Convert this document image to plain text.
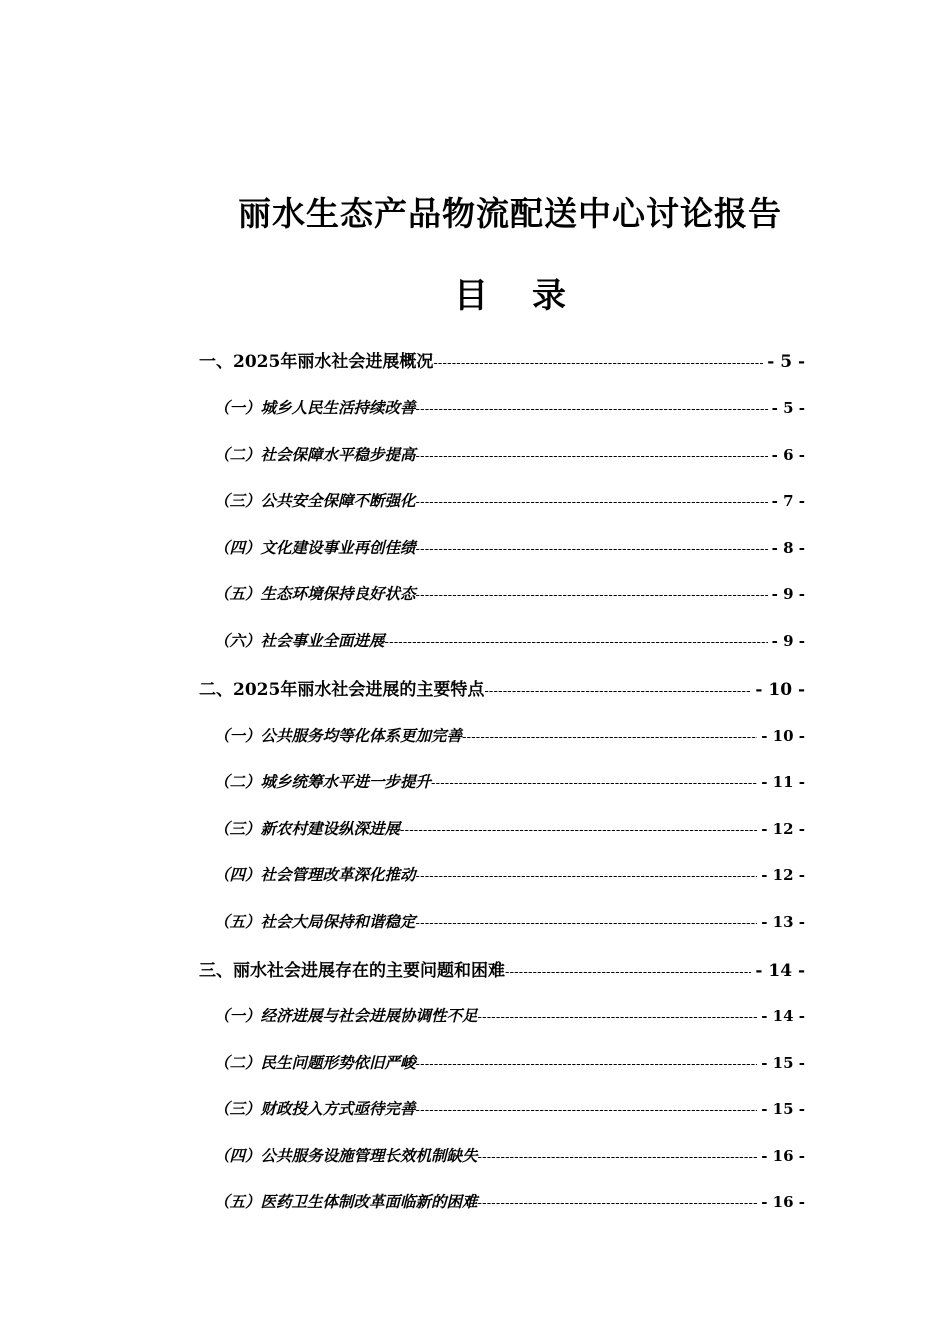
丽水生态产品物流配送中心讨论报告
目 录
一、2025年丽水社会进展概况 -----	- 5 -
（一）城乡人民生活持续改善 -----	- 5 -
（二）社会保障水平稳步提高 -----	- 6 -
（三）公共安全保障不断强化 -----	- 7 -
（四）文化建设事业再创佳绩 -----	- 8 -
（五）生态环境保持良好状态 -----	- 9 -
（六）社会事业全面进展 -----	- 9 -
二、2025年丽水社会进展的主要特点 -----	- 10 -
（一）公共服务均等化体系更加完善 -----	- 10 -
（二）城乡统筹水平进一步提升 -----	- 11 -
（三）新农村建设纵深进展 -----	- 12 -
（四）社会管理改革深化推动 -----	- 12 -
（五）社会大局保持和谐稳定 -----	- 13 -
三、丽水社会进展存在的主要问题和困难 -----	- 14 -
（一）经济进展与社会进展协调性不足 -----	- 14 -
（二）民生问题形势依旧严峻 -----	- 15 -
（三）财政投入方式亟待完善 -----	- 15 -
（四）公共服务设施管理长效机制缺失 -----	- 16 -
（五）医药卫生体制改革面临新的困难 -----	- 16 -
